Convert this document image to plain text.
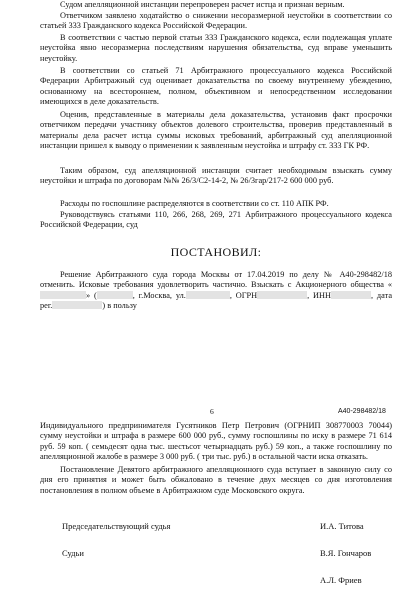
Судом апелляционной инстанции перепроверен расчет истца и признан верным.

Ответчиком заявлено ходатайство о снижении несоразмерной неустойки в соответствии со статьей 333 Гражданского кодекса Российской Федерации.

В соответствии с частью первой статьи 333 Гражданского кодекса, если подлежащая уплате неустойка явно несоразмерна последствиям нарушения обязательства, суд вправе уменьшить неустойку.

В соответствии со статьей 71 Арбитражного процессуального кодекса Российской Федерации Арбитражный суд оценивает доказательства по своему внутреннему убеждению, основанному на всестороннем, полном, объективном и непосредственном исследовании имеющихся в деле доказательств.

Оценив, представленные в материалы дела доказательства, установив факт просрочки ответчиком передачи участнику объектов долевого строительства, проверив представленный в материалы дела расчет истца суммы исковых требований, арбитражный суд апелляционной инстанции пришел к выводу о применении к заявленным неустойка и штрафу ст. 333 ГК РФ.

Таким образом, суд апелляционной инстанции считает необходимым взыскать сумму неустойки и штрафа по договорам №№ 26/3/С2-14-2, № 26/3гар/217-2 600 000 руб.

Расходы по госпошлине распределяются в соответствии со ст. 110 АПК РФ.

Руководствуясь статьями 110, 266, 268, 269, 271 Арбитражного процессуального кодекса Российской Федерации, суд

ПОСТАНОВИЛ:

Решение Арбитражного суда города Москвы от 17.04.2019 по делу № А40-298482/18 отменить. Исковые требования удовлетворить частично. Взыскать с Акционерного общества «» (	, г.Москва, ул.	, ОГРН	, ИНН	, дата рег.	) в пользу

6	А40-298482/18

Индивидуального предпринимателя Гусятников Петр Петрович (ОГРНИП 308770003 70044) сумму неустойки и штрафа в размере 600 000 руб., сумму госпошлины по иску в размере 71 614 руб. 59 коп. ( семьдесят одна тыс. шестьсот четырнадцать руб.) 59 коп., а также госпошлину по апелляционной жалобе в размере 3 000 руб. ( три тыс. руб.) в остальной части иска отказать.

Постановление Девятого арбитражного апелляционного суда вступает в законную силу со дня его принятия и может быть обжаловано в течение двух месяцев со дня изготовления постановления в полном объеме в Арбитражном суде Московского округа.

Председательствующий судья	И.А. Титова
Судьи	В.Я. Гончаров
А.Л. Фриев
